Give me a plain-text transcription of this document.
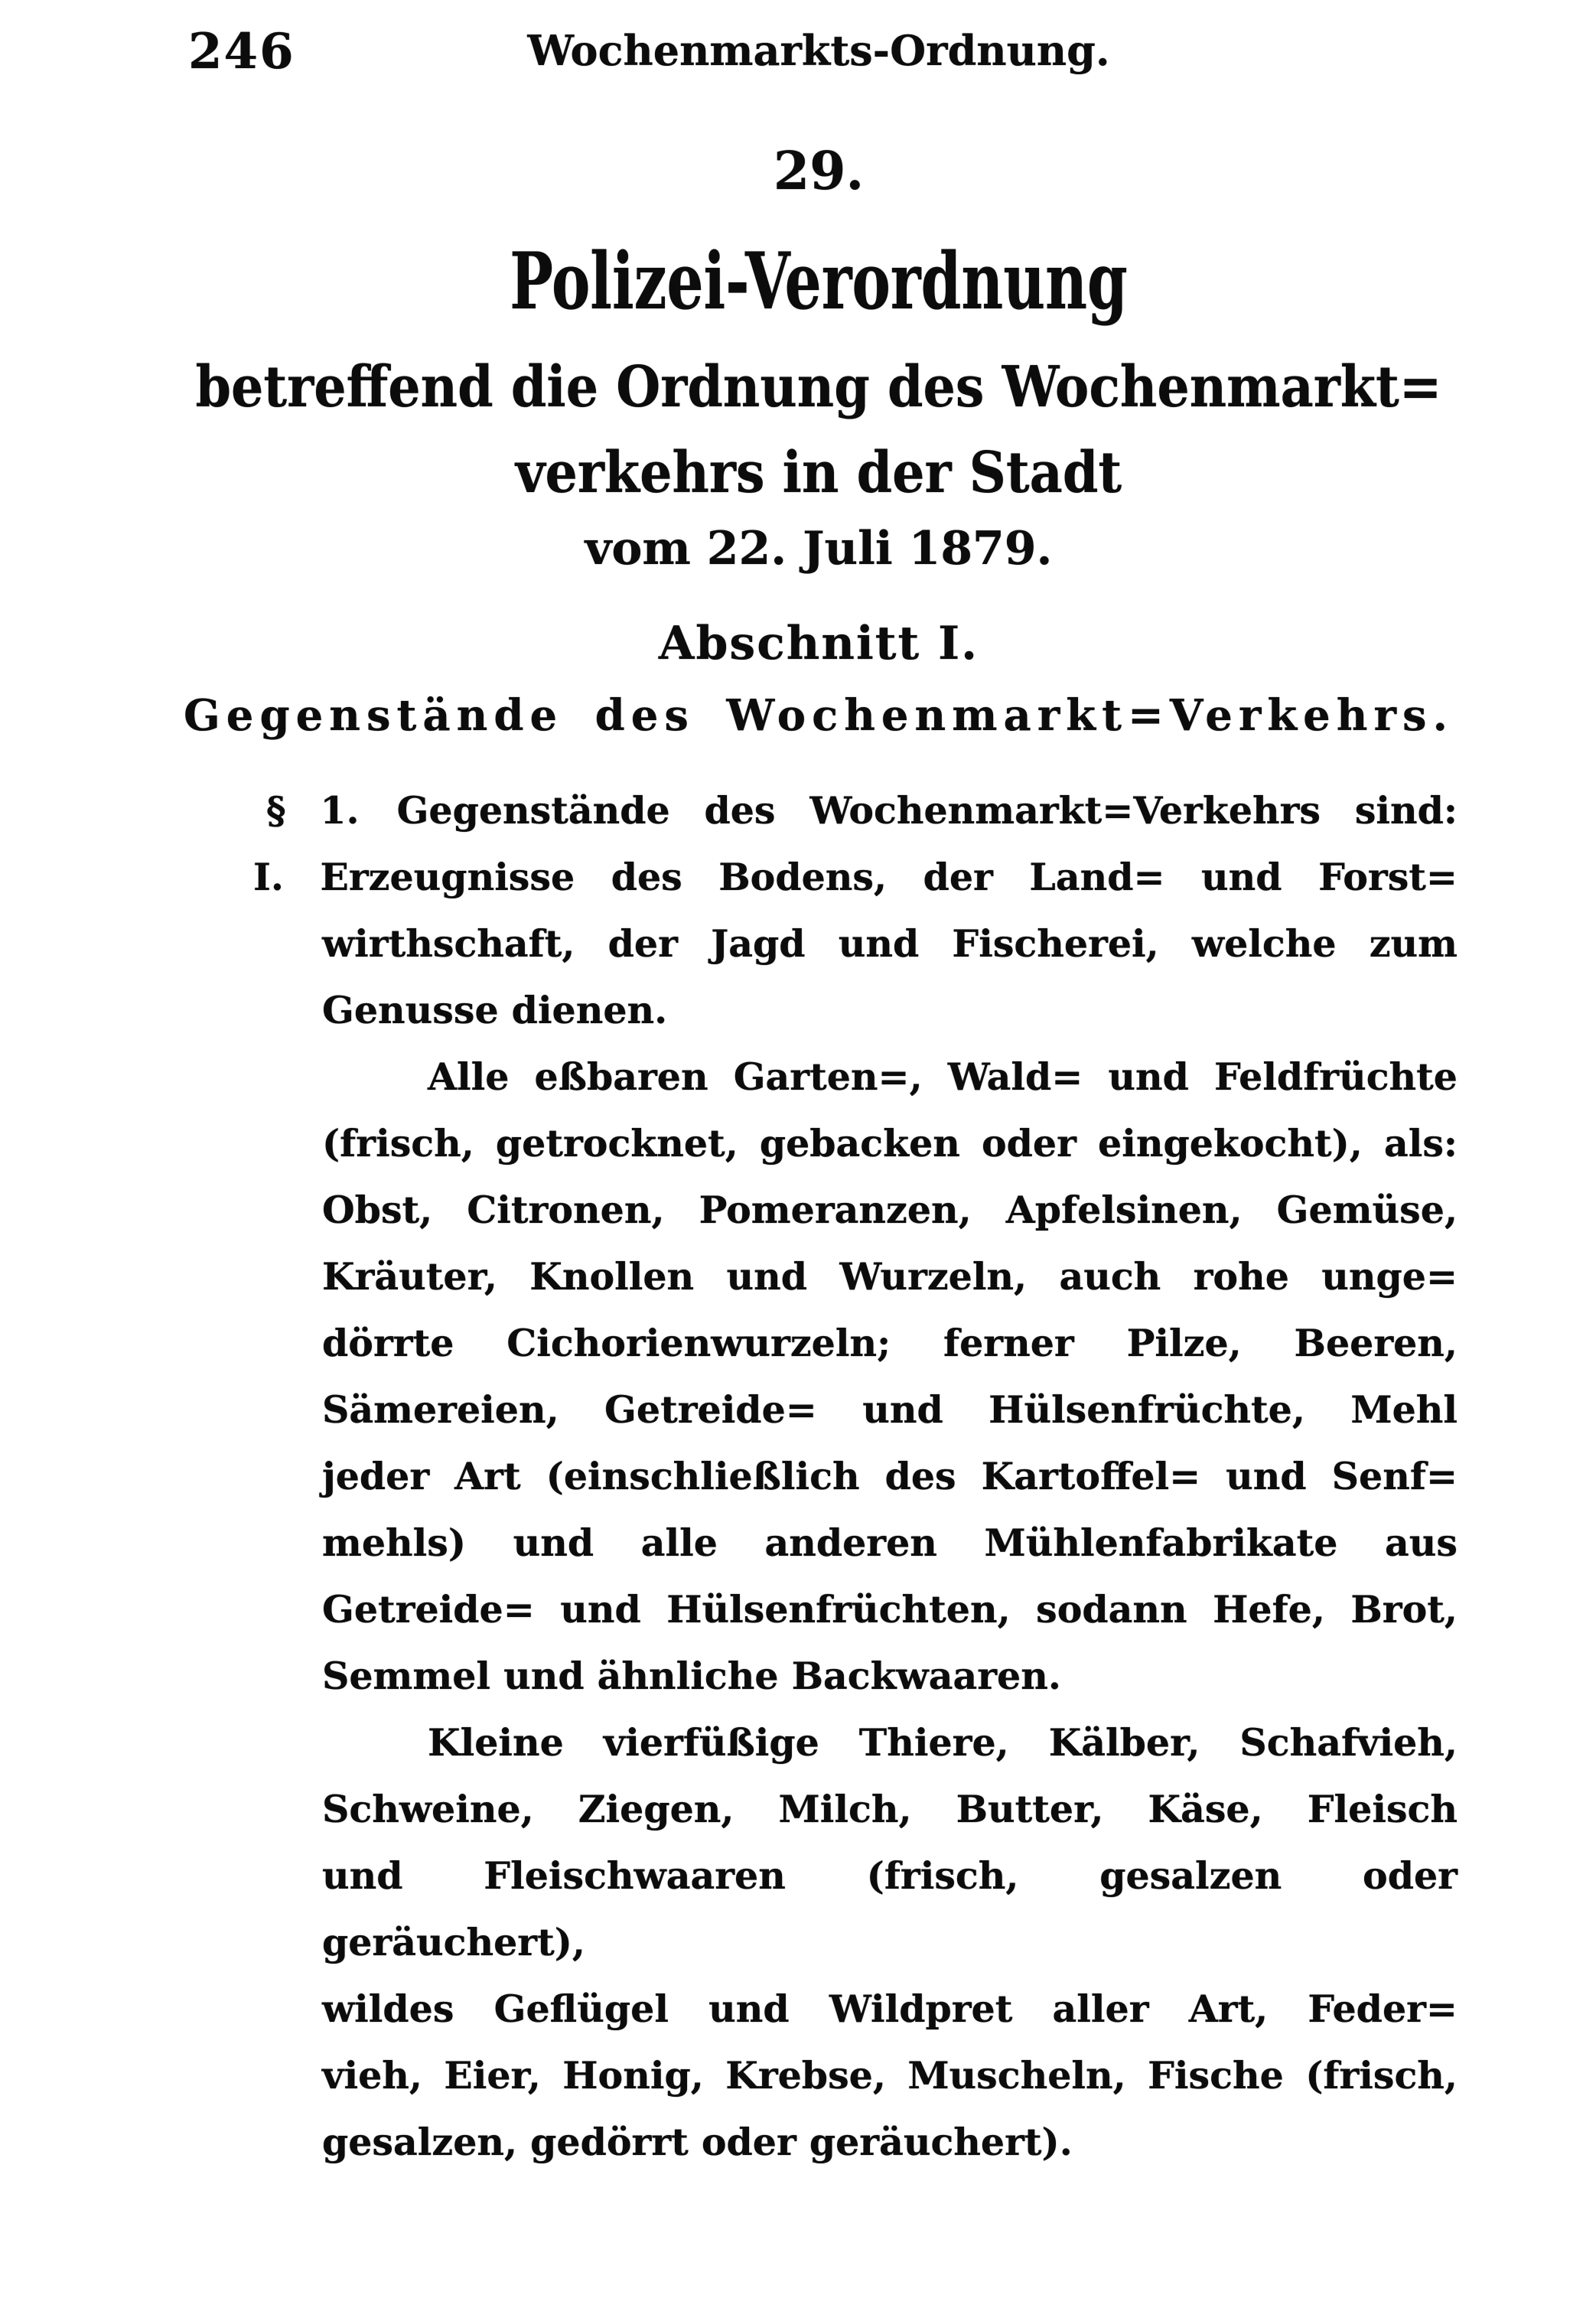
246	Wochenmarkts-Ordnung.
29.
Polizei-Verordnung
betreffend die Ordnung des Wochenmarkt=
verkehrs in der Stadt
vom 22. Juli 1879.
Abschnitt I.
Gegenstände des Wochenmarkt=Verkehrs.
§ 1. Gegenstände des Wochenmarkt=Verkehrs sind:
I. Erzeugnisse des Bodens, der Land= und Forst=
wirthschaft, der Jagd und Fischerei, welche zum
Genusse dienen.
Alle eßbaren Garten=, Wald= und Feldfrüchte
(frisch, getrocknet, gebacken oder eingekocht), als:
Obst, Citronen, Pomeranzen, Apfelsinen, Gemüse,
Kräuter, Knollen und Wurzeln, auch rohe unge=
dörrte Cichorienwurzeln; ferner Pilze, Beeren,
Sämereien, Getreide= und Hülsenfrüchte, Mehl
jeder Art (einschließlich des Kartoffel= und Senf=
mehls) und alle anderen Mühlenfabrikate aus
Getreide= und Hülsenfrüchten, sodann Hefe, Brot,
Semmel und ähnliche Backwaaren.
Kleine vierfüßige Thiere, Kälber, Schafvieh,
Schweine, Ziegen, Milch, Butter, Käse, Fleisch
und Fleischwaaren (frisch, gesalzen oder geräuchert),
wildes Geflügel und Wildpret aller Art, Feder=
vieh, Eier, Honig, Krebse, Muscheln, Fische (frisch,
gesalzen, gedörrt oder geräuchert).
